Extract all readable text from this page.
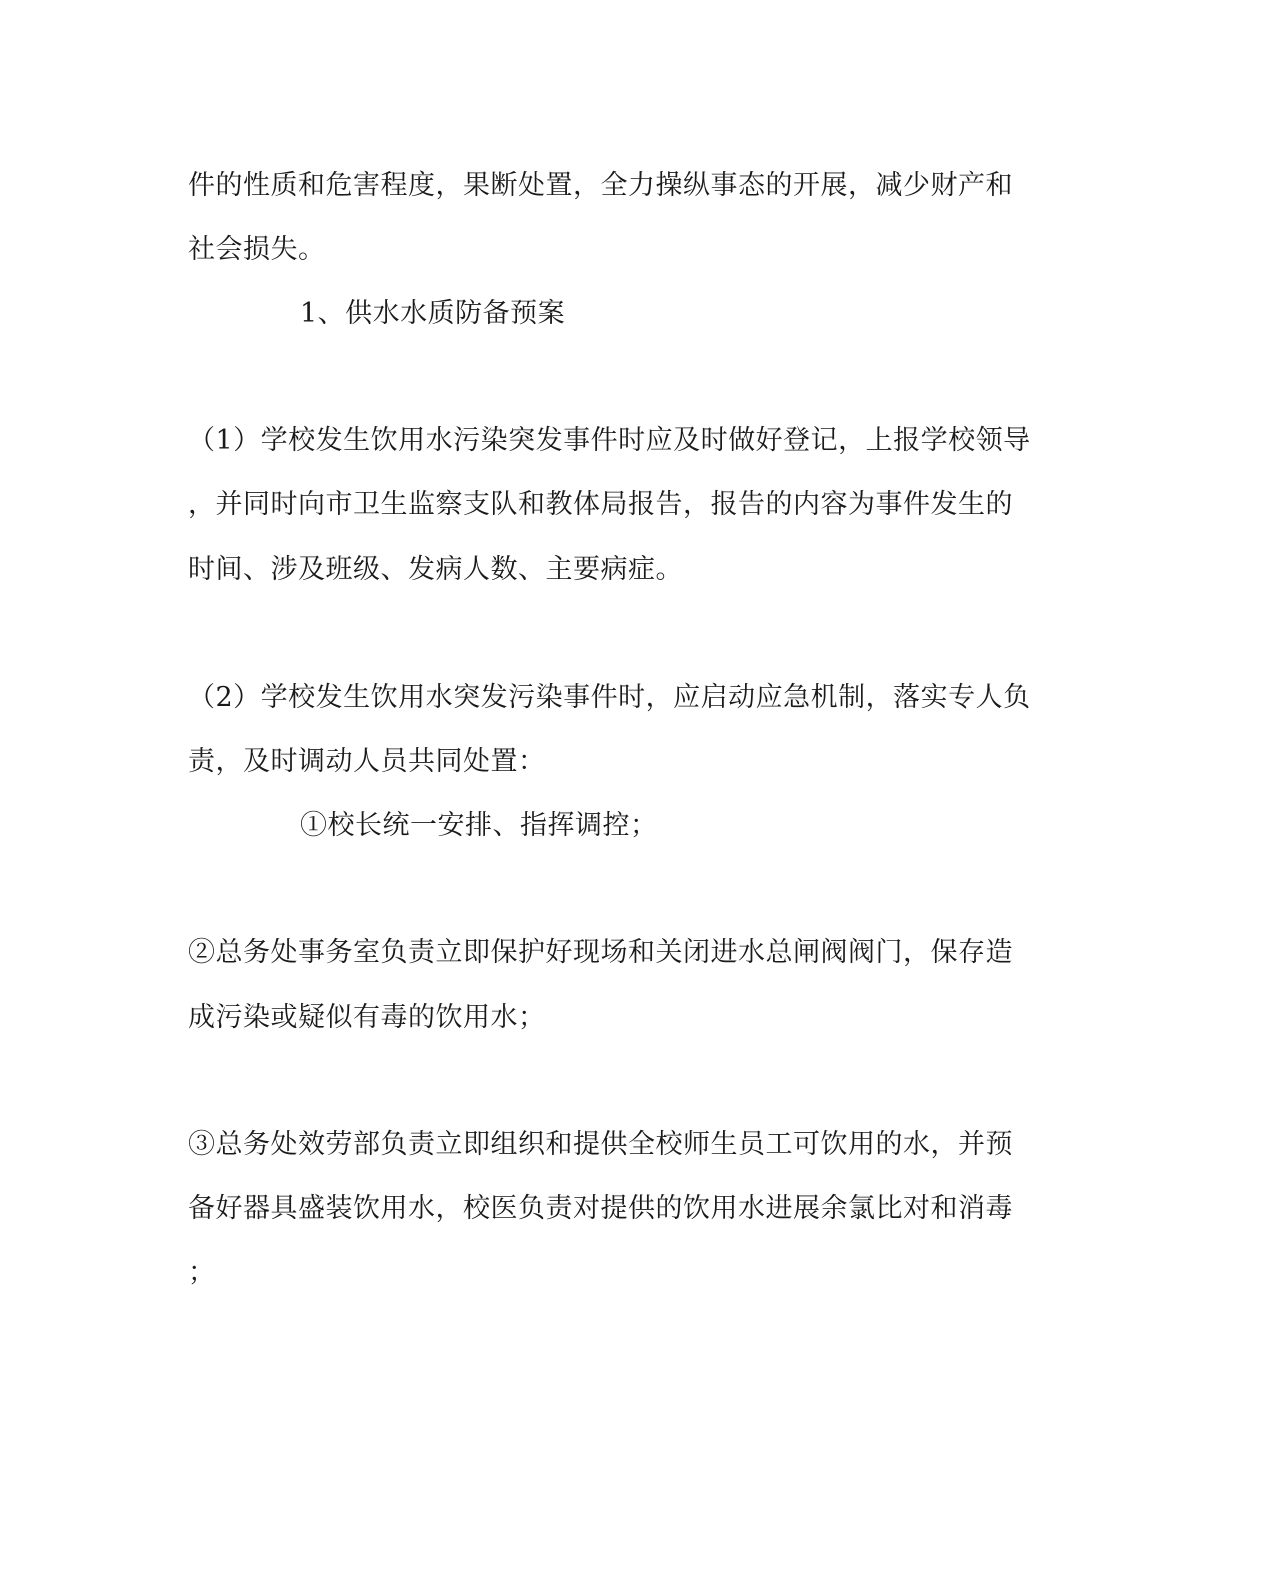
件的性质和危害程度，果断处置，全力操纵事态的开展，减少财产和
社会损失。
1、供水水质防备预案
（1）学校发生饮用水污染突发事件时应及时做好登记，上报学校领导
，并同时向市卫生监察支队和教体局报告，报告的内容为事件发生的
时间、涉及班级、发病人数、主要病症。
（2）学校发生饮用水突发污染事件时，应启动应急机制，落实专人负
责，及时调动人员共同处置：
①校长统一安排、指挥调控；
②总务处事务室负责立即保护好现场和关闭进水总闸阀阀门，保存造
成污染或疑似有毒的饮用水；
③总务处效劳部负责立即组织和提供全校师生员工可饮用的水，并预
备好器具盛装饮用水，校医负责对提供的饮用水进展余氯比对和消毒
；
